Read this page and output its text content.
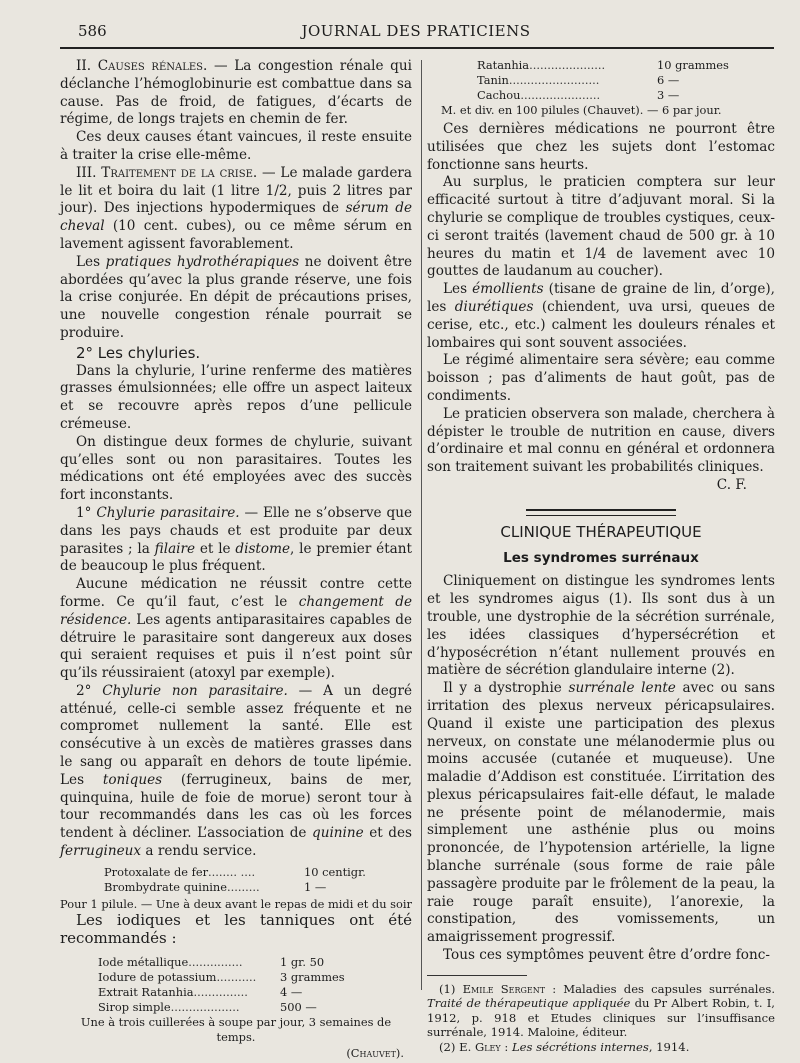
586	JOURNAL DES PRATICIENS

II. Causes rénales. — La congestion rénale qui déclanche l’hémoglobinurie est combattue dans sa cause. Pas de froid, de fatigues, d’écarts de régime, de longs trajets en chemin de fer.

Ces deux causes étant vaincues, il reste ensuite à traiter la crise elle-même.

III. Traitement de la crise. — Le malade gardera le lit et boira du lait (1 litre 1/2, puis 2 litres par jour). Des injections hypodermiques de sérum de cheval (10 cent. cubes), ou ce même sérum en lavement agissent favorablement.

Les pratiques hydrothérapiques ne doivent être abordées qu’avec la plus grande réserve, une fois la crise conjurée. En dépit de précautions prises, une nouvelle congestion rénale pourrait se produire.

2° Les chyluries.

Dans la chylurie, l’urine renferme des matières grasses émulsionnées; elle offre un aspect laiteux et se recouvre après repos d’une pellicule crémeuse.

On distingue deux formes de chylurie, suivant qu’elles sont ou non parasitaires. Toutes les médications ont été employées avec des succès fort inconstants.

1° Chylurie parasitaire. — Elle ne s’observe que dans les pays chauds et est produite par deux parasites ; la filaire et le distome, le premier étant de beaucoup le plus fréquent.

Aucune médication ne réussit contre cette forme. Ce qu’il faut, c’est le changement de résidence. Les agents antiparasitaires capables de détruire le parasitaire sont dangereux aux doses qui seraient requises et puis il n’est point sûr qu’ils réussiraient (atoxyl par exemple).

2° Chylurie non parasitaire. — A un degré atténué, celle-ci semble assez fréquente et ne compromet nullement la santé. Elle est consécutive à un excès de matières grasses dans le sang ou apparaît en dehors de toute lipémie. Les toniques (ferrugineux, bains de mer, quinquina, huile de foie de morue) seront tour à tour recommandés dans les cas où les forces tendent à décliner. L’association de quinine et des ferrugineux a rendu service.

Protoxalate de fer ........ ....	10 centigr.
Brombydrate quinine .........	1 —
Pour 1 pilule. — Une à deux avant le repas de midi et du soir

Les iodiques et les tanniques ont été recommandés :

Iode métallique ...............	1 gr. 50
Iodure de potassium ...........	3 grammes
Extrait Ratanhia ...............	4 —
Sirop simple ...................	500 —
Une à trois cuillerées à soupe par jour, 3 semaines de temps.
(Chauvet).
Ratanhia .....................	10 grammes
Tanin .........................	6 —
Cachou ......................	3 —
M. et div. en 100 pilules (Chauvet). — 6 par jour.

Ces dernières médications ne pourront être utilisées que chez les sujets dont l’estomac fonctionne sans heurts.

Au surplus, le praticien comptera sur leur efficacité surtout à titre d’adjuvant moral. Si la chylurie se complique de troubles cystiques, ceux-ci seront traités (lavement chaud de 500 gr. à 10 heures du matin et 1/4 de lavement avec 10 gouttes de laudanum au coucher).

Les émollients (tisane de graine de lin, d’orge), les diurétiques (chiendent, uva ursi, queues de cerise, etc., etc.) calment les douleurs rénales et lombaires qui sont souvent associées.

Le régimé alimentaire sera sévère; eau comme boisson ; pas d’aliments de haut goût, pas de condiments.

Le praticien observera son malade, cherchera à dépister le trouble de nutrition en cause, divers d’ordinaire et mal connu en général et ordonnera son traitement suivant les probabilités cliniques.

C. F.

CLINIQUE THÉRAPEUTIQUE
Les syndromes surrénaux

Cliniquement on distingue les syndromes lents et les syndromes aigus (1). Ils sont dus à un trouble, une dystrophie de la sécrétion surrénale, les idées classiques d’hypersécrétion et d’hyposécrétion n’étant nullement prouvés en matière de sécrétion glandulaire interne (2).

Il y a dystrophie surrénale lente avec ou sans irritation des plexus nerveux péricapsulaires. Quand il existe une participation des plexus nerveux, on constate une mélanodermie plus ou moins accusée (cutanée et muqueuse). Une maladie d’Addison est constituée. L’irritation des plexus péricapsulaires fait-elle défaut, le malade ne présente point de mélanodermie, mais simplement une asthénie plus ou moins prononcée, de l’hypotension artérielle, la ligne blanche surrénale (sous forme de raie pâle passagère produite par le frôlement de la peau, la raie rouge paraît ensuite), l’anorexie, la constipation, des vomissements, un amaigrissement progressif.

Tous ces symptômes peuvent être d’ordre fonc-

(1) Emile Sergent : Maladies des capsules surrénales. Traité de thérapeutique appliquée du Pr Albert Robin, t. I, 1912, p. 918 et Etudes cliniques sur l’insuffisance surrénale, 1914. Maloine, éditeur.

(2) E. Gley : Les sécrétions internes, 1914.
